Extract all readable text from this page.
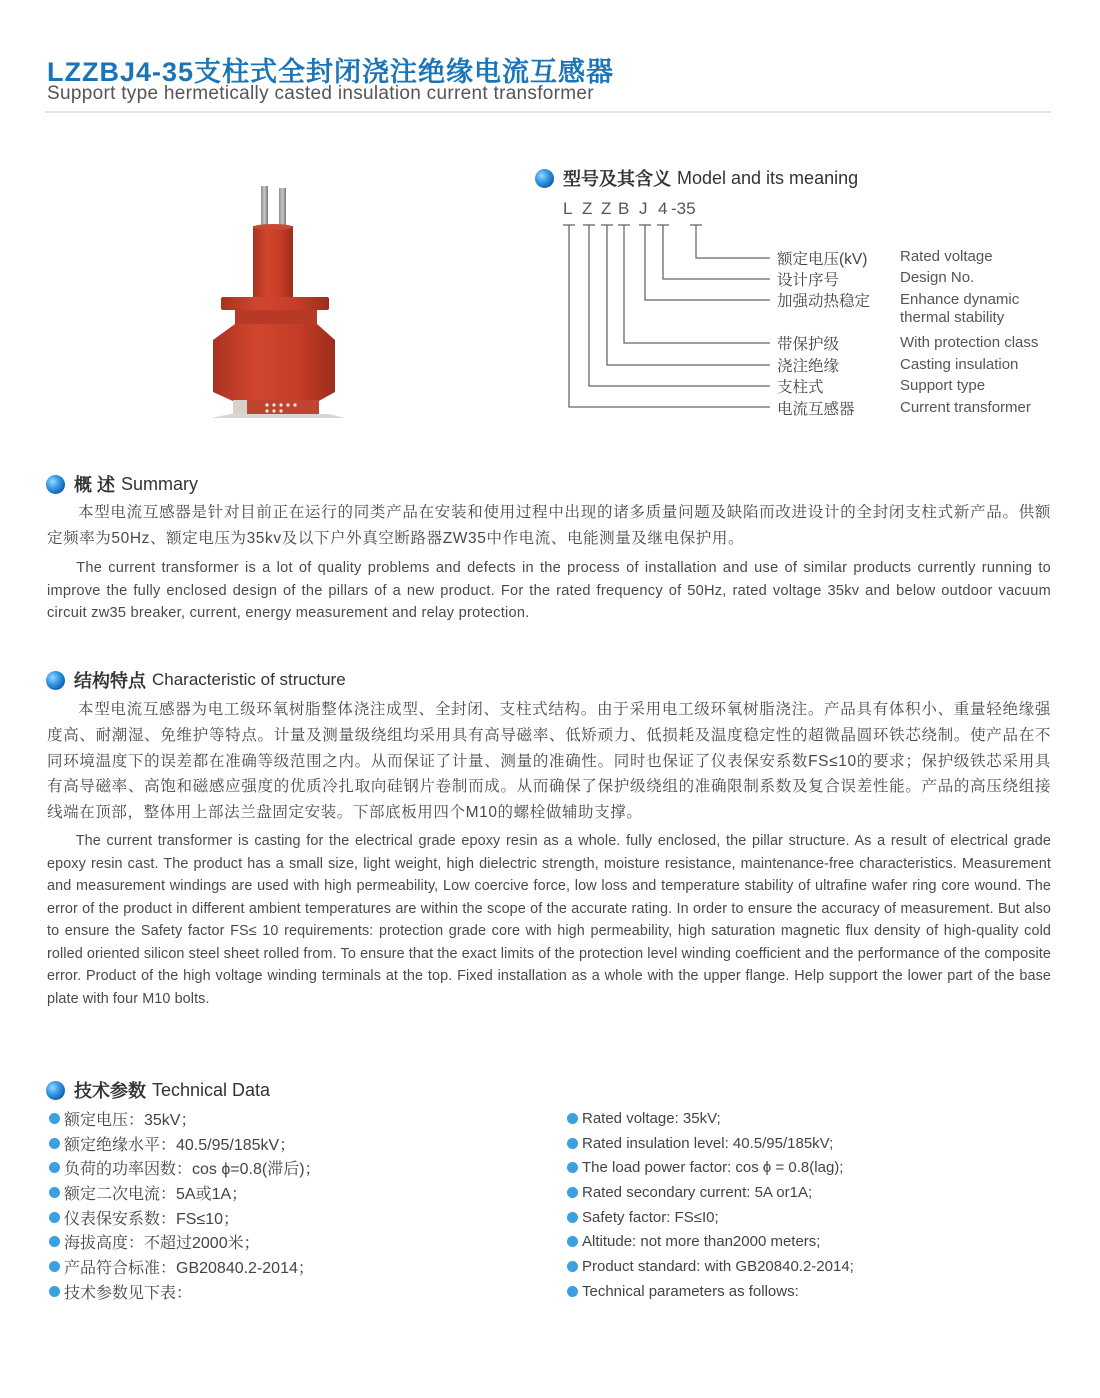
LZZBJ4-35支柱式全封闭浇注绝缘电流互感器
Support type hermetically casted insulation current transformer
型号及其含义 Model and its meaning
L Z Z B J 4 -35
额定电压(kV) Rated voltage
设计序号	Design No.
加强动热稳定 Enhance dynamic
thermal stability
带保护级	With protection class
浇注绝缘	Casting insulation
支柱式	Support type
电流互感器	Current transformer
概 述 Summary
本型电流互感器是针对目前正在运行的同类产品在安装和使用过程中出现的诸多质量问题及缺陷而改进设计的全封闭支柱式新产品。供额定频率为50Hz、额定电压为35kv及以下户外真空断路器ZW35中作电流、电能测量及继电保护用。
The current transformer is a lot of quality problems and defects in the process of installation and use of similar products currently running to improve the fully enclosed design of the pillars of a new product. For the rated frequency of 50Hz, rated voltage 35kv and below outdoor vacuum circuit zw35 breaker, current, energy measurement and relay protection.
结构特点 Characteristic of structure
本型电流互感器为电工级环氧树脂整体浇注成型、全封闭、支柱式结构。由于采用电工级环氧树脂浇注。产品具有体积小、重量轻绝缘强度高、耐潮湿、免维护等特点。计量及测量级绕组均采用具有高导磁率、低矫顽力、低损耗及温度稳定性的超微晶圆环铁芯绕制。使产品在不同环境温度下的误差都在准确等级范围之内。从而保证了计量、测量的准确性。同时也保证了仪表保安系数FS≤10的要求；保护级铁芯采用具有高导磁率、高饱和磁感应强度的优质冷扎取向硅钢片卷制而成。从而确保了保护级绕组的准确限制系数及复合误差性能。产品的高压绕组接线端在顶部，整体用上部法兰盘固定安装。下部底板用四个M10的螺栓做辅助支撑。
The current transformer is casting for the electrical grade epoxy resin as a whole. fully enclosed, the pillar structure. As a result of electrical grade epoxy resin cast. The product has a small size, light weight, high dielectric strength, moisture resistance, maintenance-free characteristics. Measurement and measurement windings are used with high permeability, Low coercive force, low loss and temperature stability of ultrafine wafer ring core wound. The error of the product in different ambient temperatures are within the scope of the accurate rating. In order to ensure the accuracy of measurement. But also to ensure the Safety factor FS≤ 10 requirements: protection grade core with high permeability, high saturation magnetic flux density of high-quality cold rolled oriented silicon steel sheet rolled from. To ensure that the exact limits of the protection level winding coefficient and the performance of the composite error. Product of the high voltage winding terminals at the top. Fixed installation as a whole with the upper flange. Help support the lower part of the base plate with four M10 bolts.
技术参数 Technical Data
额定电压：35kV；
额定绝缘水平：40.5/95/185kV；
负荷的功率因数：cos ϕ=0.8(滞后)；
额定二次电流：5A或1A；
仪表保安系数：FS≤10；
海拔高度：不超过2000米；
产品符合标准：GB20840.2-2014；
技术参数见下表：
Rated voltage: 35kV;
Rated insulation level: 40.5/95/185kV;
The load power factor: cos ϕ = 0.8(lag);
Rated secondary current: 5A or1A;
Safety factor: FS≤I0;
Altitude: not more than2000 meters;
Product standard: with GB20840.2-2014;
Technical parameters as follows:
